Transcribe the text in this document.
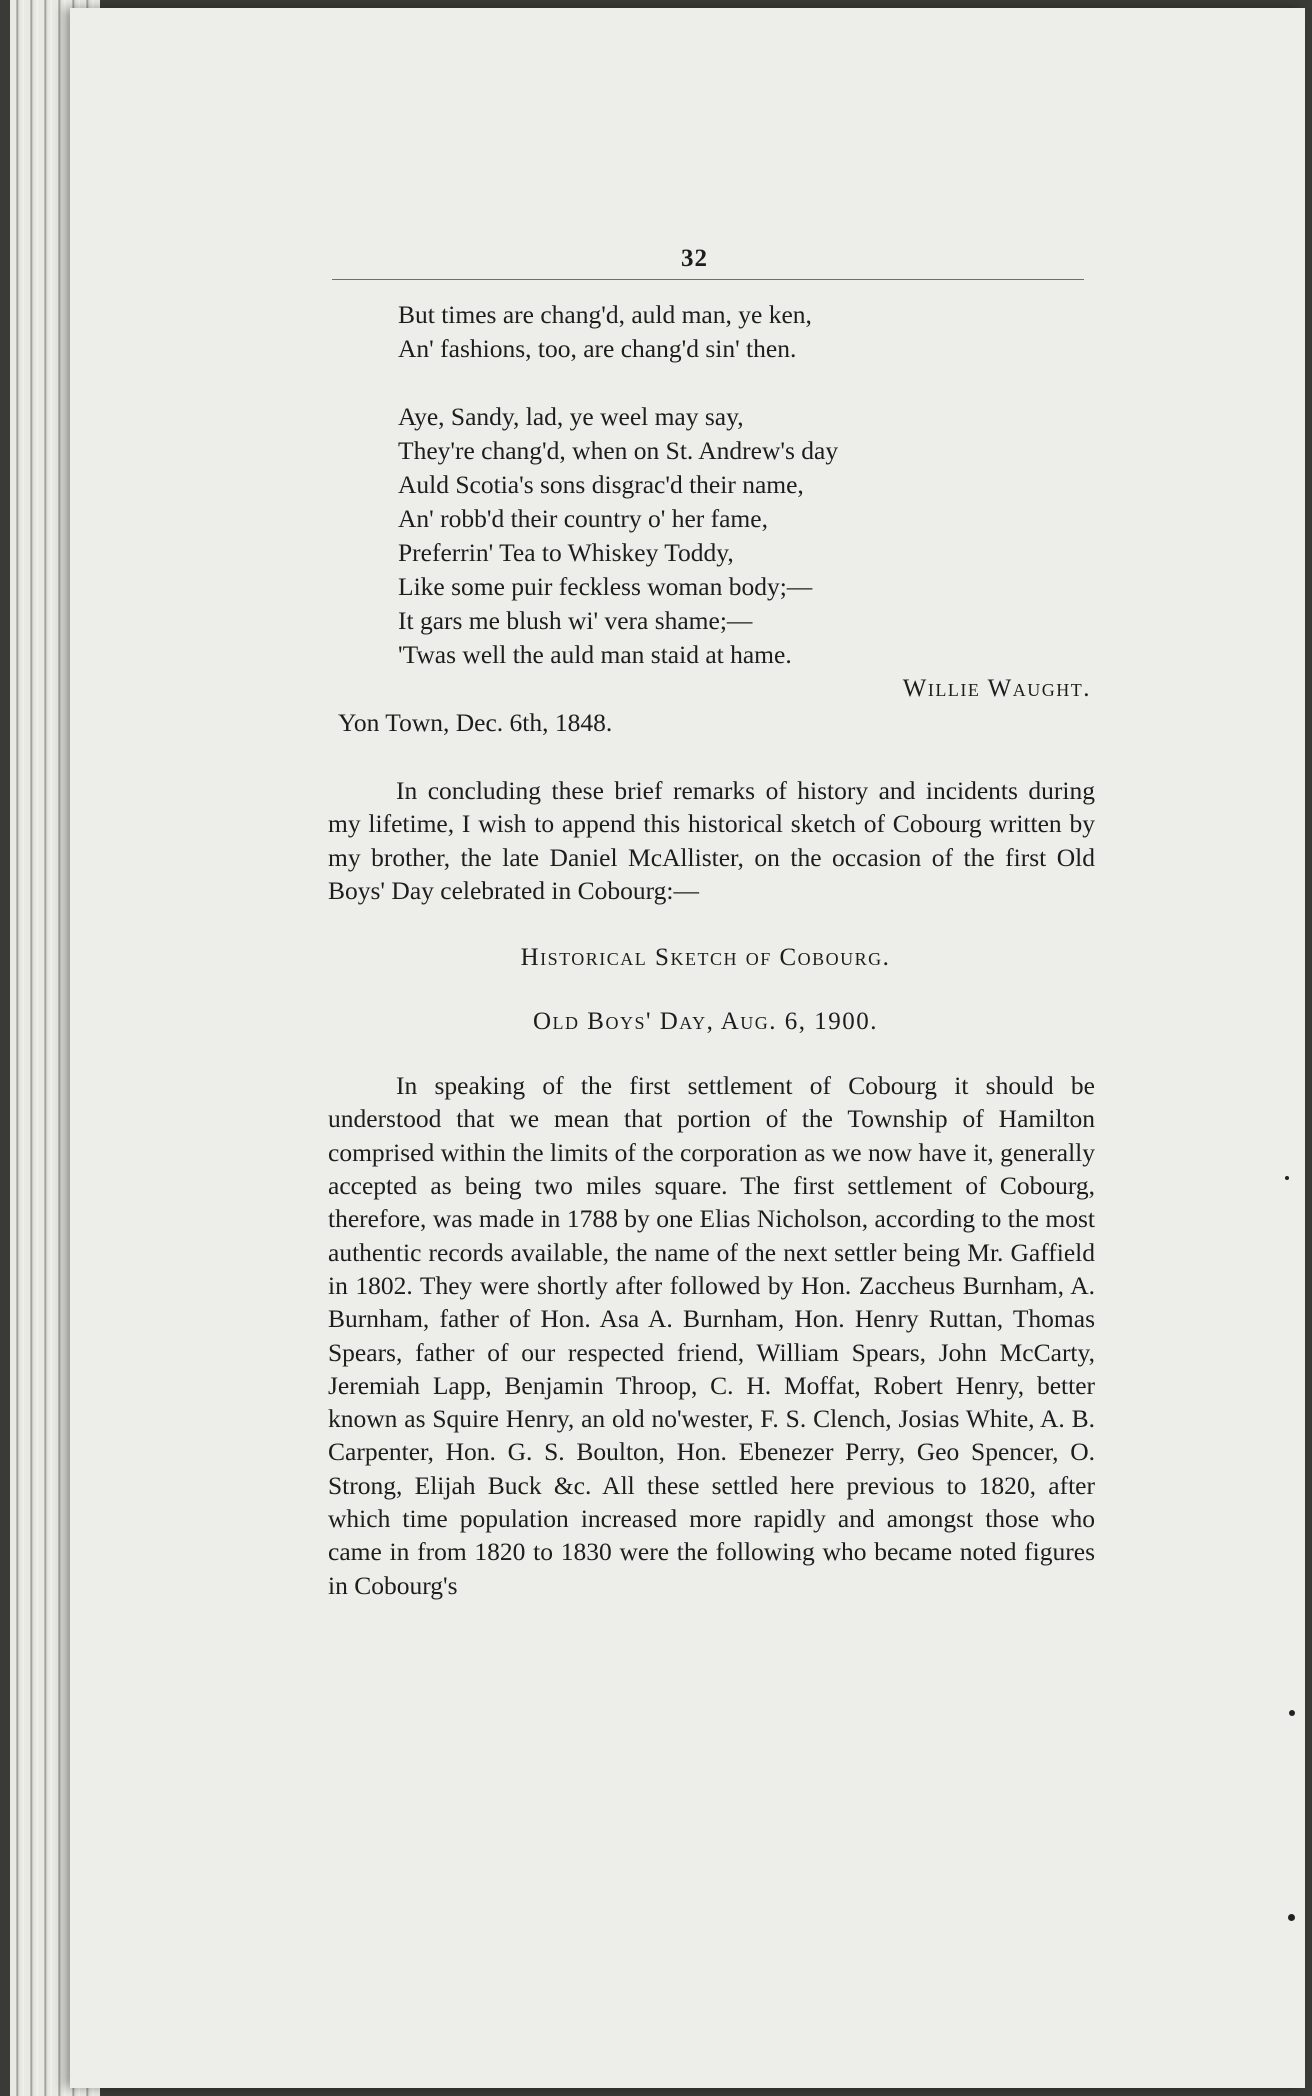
32
But times are chang'd, auld man, ye ken,
An' fashions, too, are chang'd sin' then.
Aye, Sandy, lad, ye weel may say,
They're chang'd, when on St. Andrew's day
Auld Scotia's sons disgrac'd their name,
An' robb'd their country o' her fame,
Preferrin' Tea to Whiskey Toddy,
Like some puir feckless woman body;—
It gars me blush wi' vera shame;—
'Twas well the auld man staid at hame.
Willie Waught.
Yon Town, Dec. 6th, 1848.

In concluding these brief remarks of history and incidents during my lifetime, I wish to append this historical sketch of Cobourg written by my brother, the late Daniel McAllister, on the occasion of the first Old Boys' Day celebrated in Cobourg:—

Historical Sketch of Cobourg.
Old Boys' Day, Aug. 6, 1900.

In speaking of the first settlement of Cobourg it should be understood that we mean that portion of the Township of Hamilton comprised within the limits of the corporation as we now have it, generally accepted as being two miles square. The first settlement of Cobourg, therefore, was made in 1788 by one Elias Nicholson, according to the most authentic records available, the name of the next settler being Mr. Gaffield in 1802. They were shortly after followed by Hon. Zaccheus Burnham, A. Burnham, father of Hon. Asa A. Burnham, Hon. Henry Ruttan, Thomas Spears, father of our respected friend, William Spears, John McCarty, Jeremiah Lapp, Benjamin Throop, C. H. Moffat, Robert Henry, better known as Squire Henry, an old no'wester, F. S. Clench, Josias White, A. B. Carpenter, Hon. G. S. Boulton, Hon. Ebenezer Perry, Geo Spencer, O. Strong, Elijah Buck &c. All these settled here previous to 1820, after which time population increased more rapidly and amongst those who came in from 1820 to 1830 were the following who became noted figures in Cobourg's
